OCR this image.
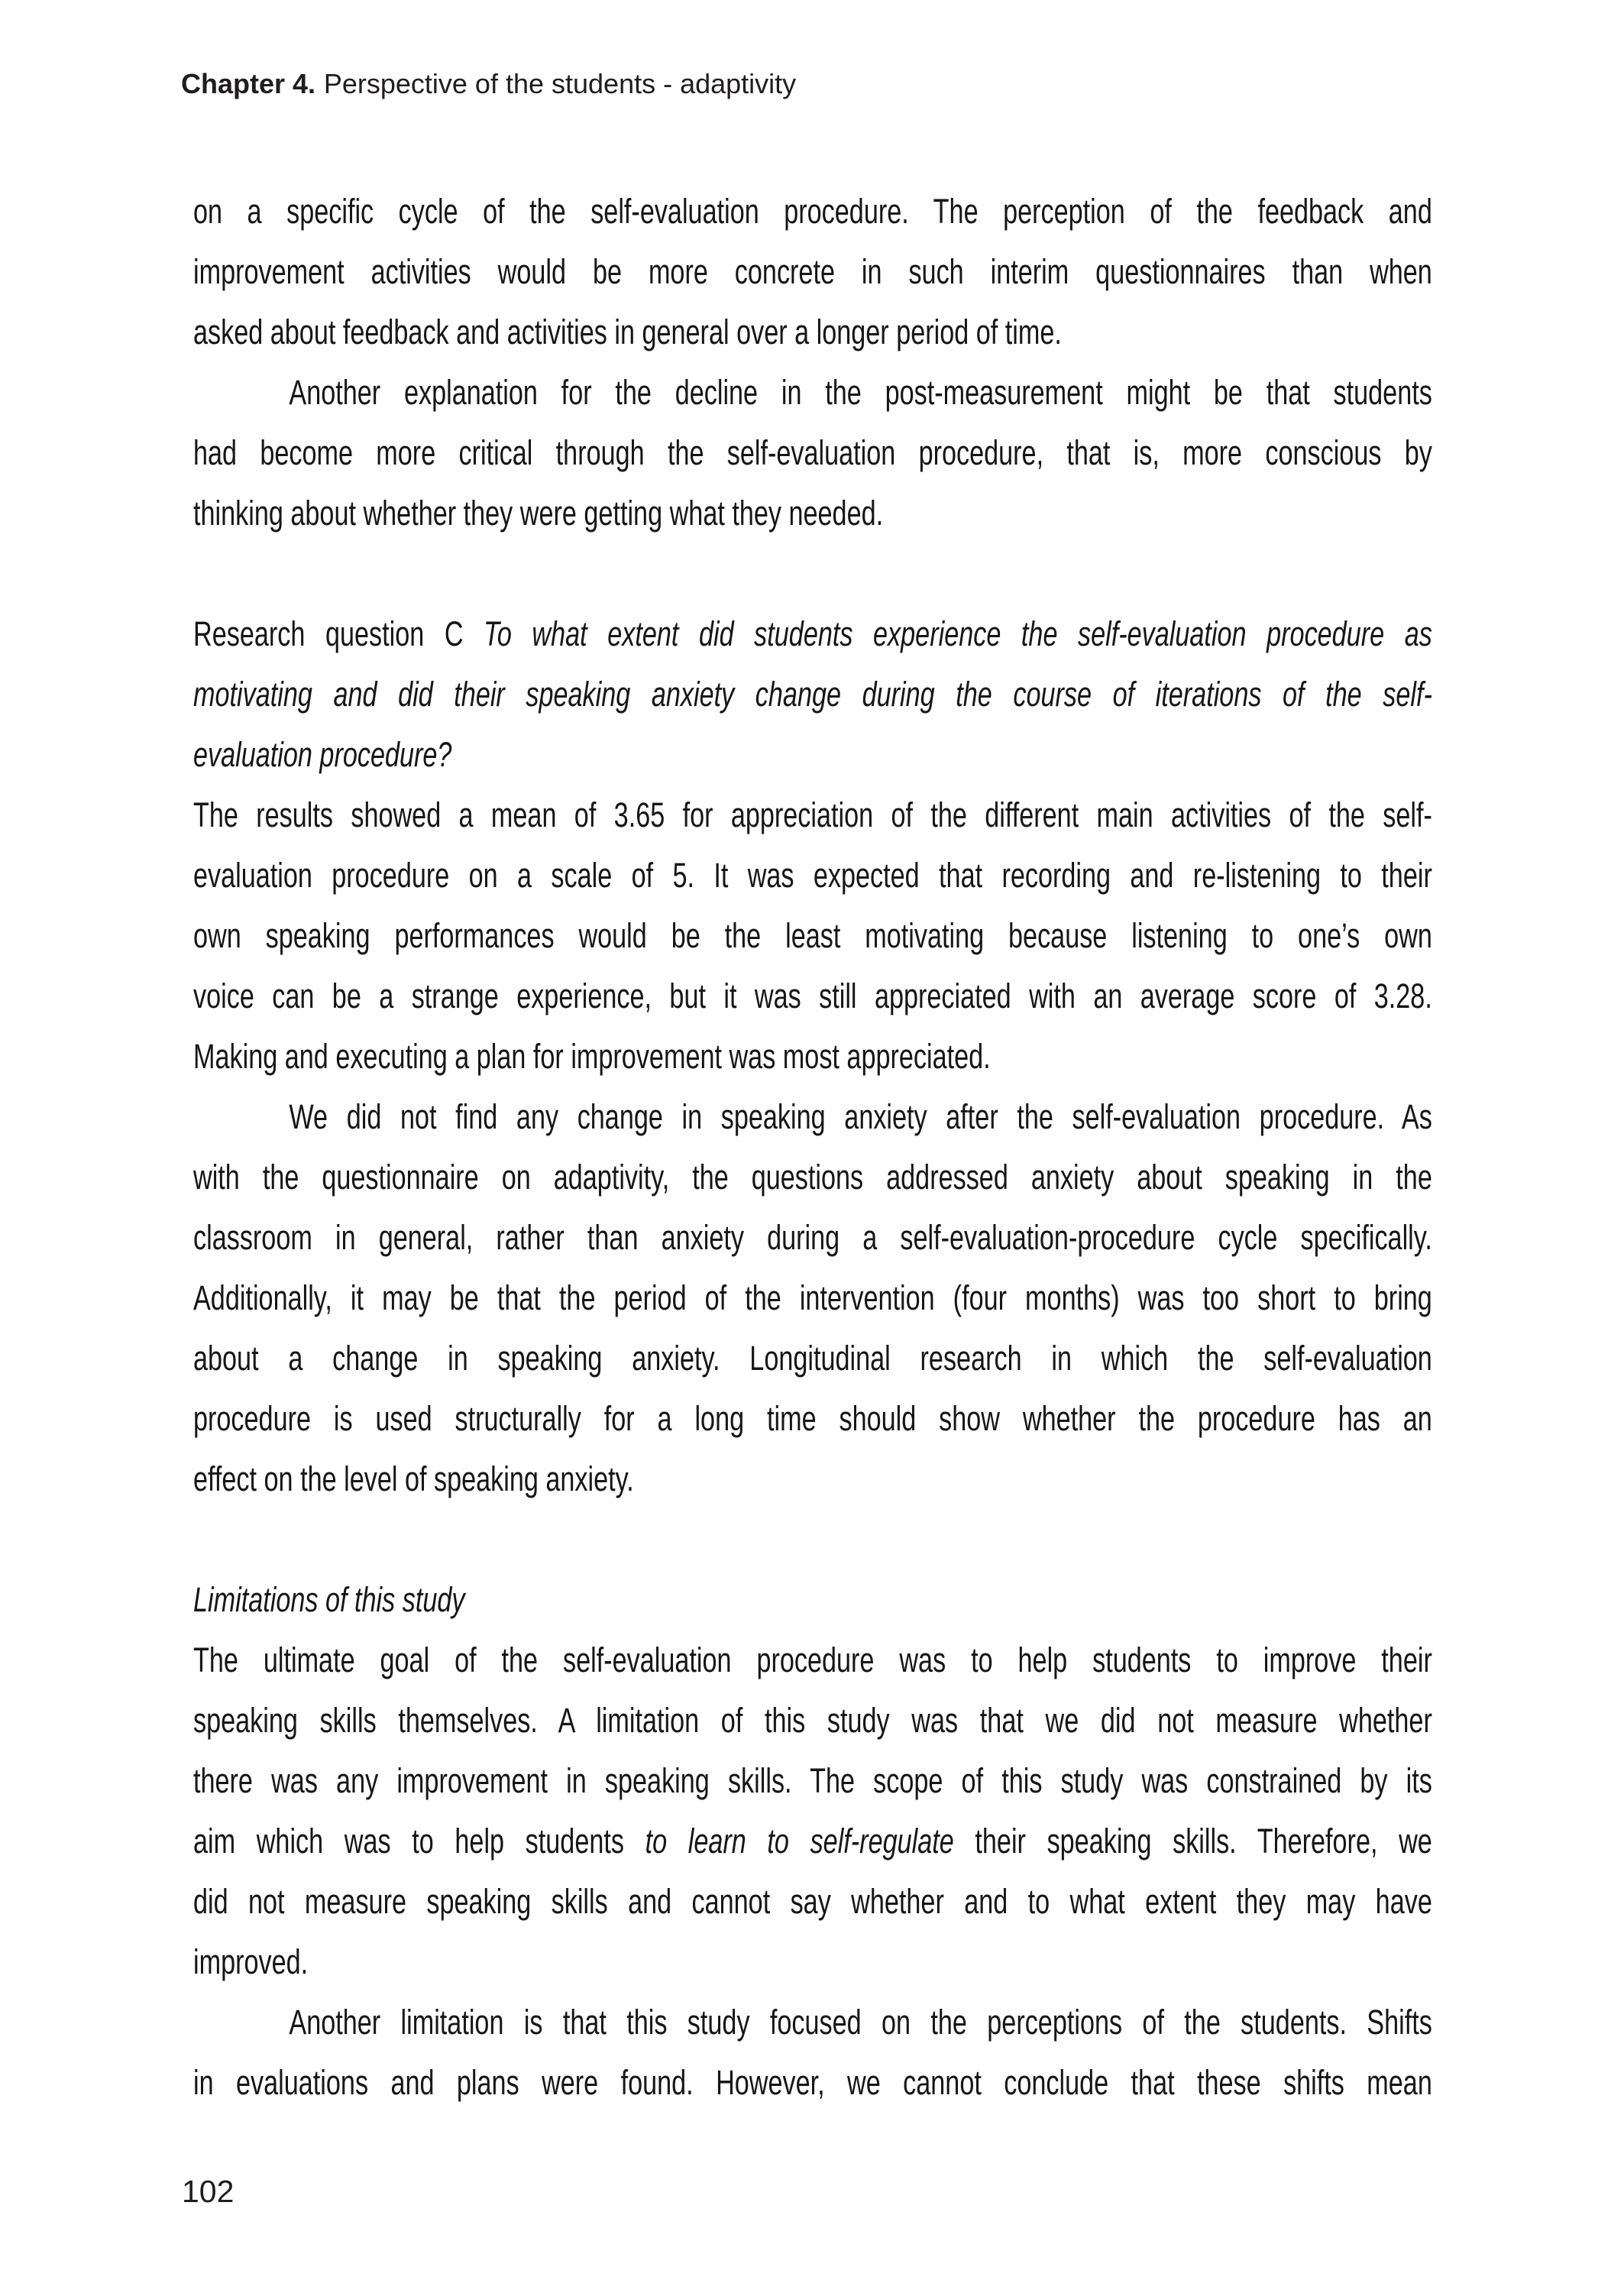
Chapter 4. Perspective of the students - adaptivity
on a specific cycle of the self-evaluation procedure. The perception of the feedback and
improvement activities would be more concrete in such interim questionnaires than when
asked about feedback and activities in general over a longer period of time.
Another explanation for the decline in the post-measurement might be that students
had become more critical through the self-evaluation procedure, that is, more conscious by
thinking about whether they were getting what they needed.
Research question C To what extent did students experience the self-evaluation procedure as
motivating and did their speaking anxiety change during the course of iterations of the self-
evaluation procedure?
The results showed a mean of 3.65 for appreciation of the different main activities of the self-
evaluation procedure on a scale of 5. It was expected that recording and re-listening to their
own speaking performances would be the least motivating because listening to one’s own
voice can be a strange experience, but it was still appreciated with an average score of 3.28.
Making and executing a plan for improvement was most appreciated.
We did not find any change in speaking anxiety after the self-evaluation procedure. As
with the questionnaire on adaptivity, the questions addressed anxiety about speaking in the
classroom in general, rather than anxiety during a self-evaluation-procedure cycle specifically.
Additionally, it may be that the period of the intervention (four months) was too short to bring
about a change in speaking anxiety. Longitudinal research in which the self-evaluation
procedure is used structurally for a long time should show whether the procedure has an
effect on the level of speaking anxiety.
Limitations of this study
The ultimate goal of the self-evaluation procedure was to help students to improve their
speaking skills themselves. A limitation of this study was that we did not measure whether
there was any improvement in speaking skills. The scope of this study was constrained by its
aim which was to help students to learn to self-regulate their speaking skills. Therefore, we
did not measure speaking skills and cannot say whether and to what extent they may have
improved.
Another limitation is that this study focused on the perceptions of the students. Shifts
in evaluations and plans were found. However, we cannot conclude that these shifts mean
102
